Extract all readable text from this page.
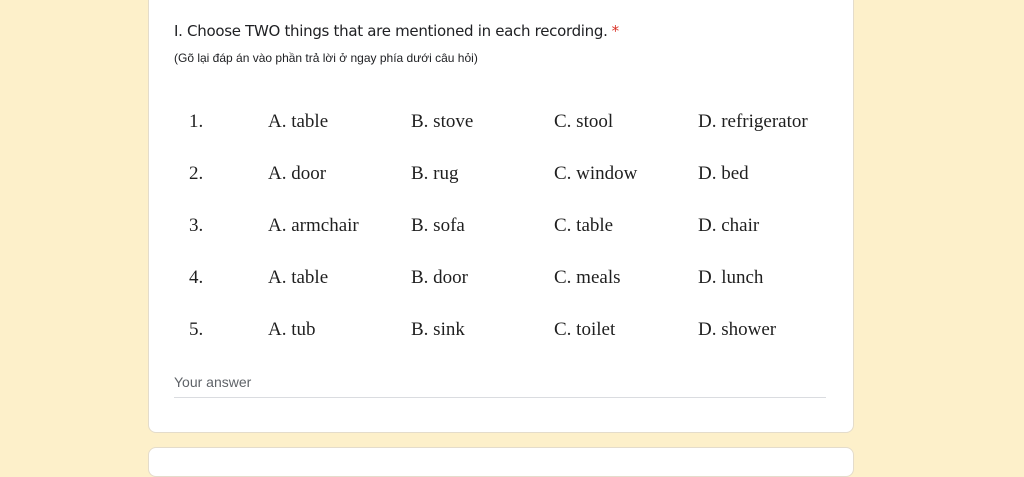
I. Choose TWO things that are mentioned in each recording. *
(Gõ lại đáp án vào phần trả lời ở ngay phía dưới câu hỏi)
1.	A. table	B. stove	C. stool	D. refrigerator
2.	A. door	B. rug	C. window	D. bed
3.	A. armchair	B. sofa	C. table	D. chair
4.	A. table	B. door	C. meals	D. lunch
5.	A. tub	B. sink	C. toilet	D. shower
Your answer
